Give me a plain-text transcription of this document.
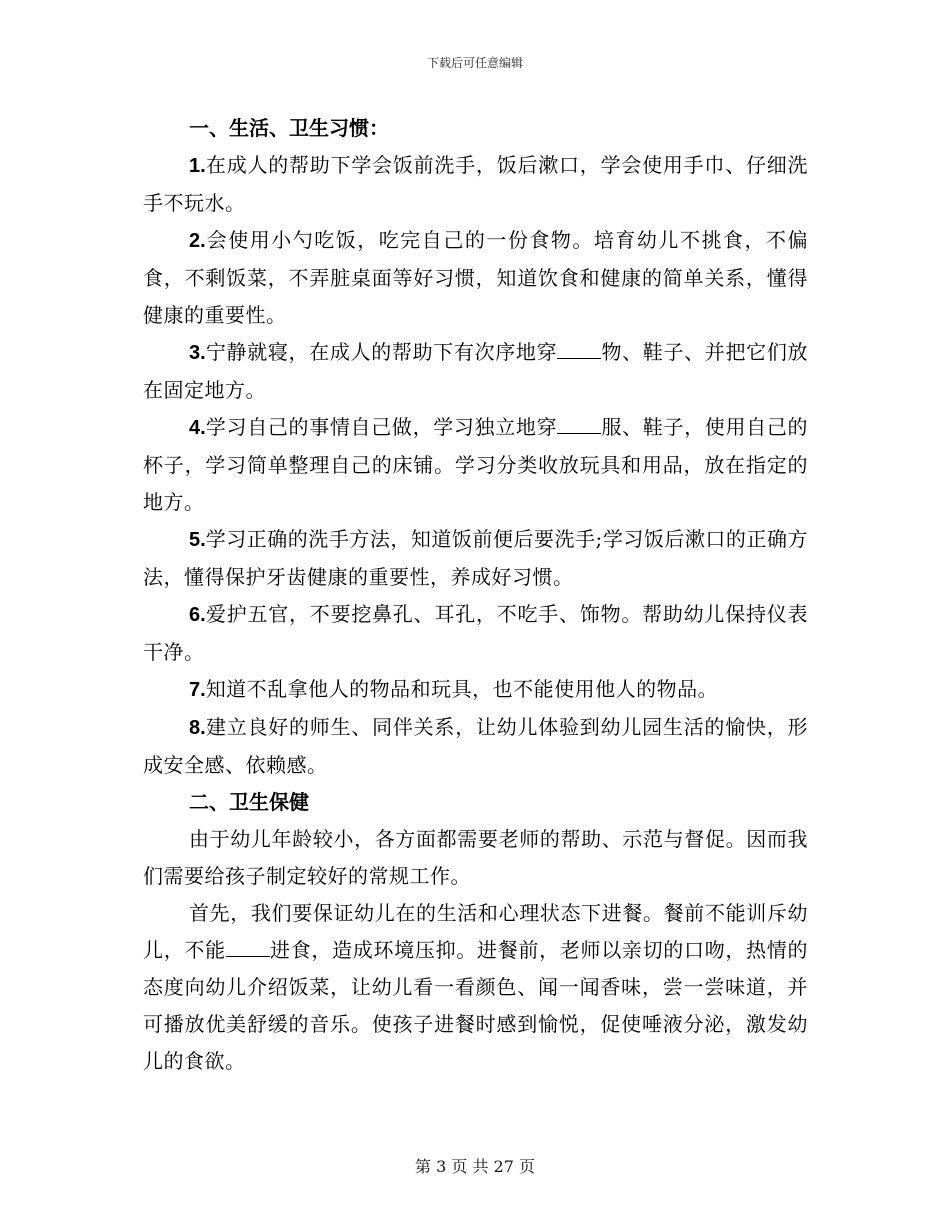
下载后可任意编辑

一、生活、卫生习惯：

1.在成人的帮助下学会饭前洗手，饭后漱口，学会使用手巾、仔细洗手不玩水。

2.会使用小勺吃饭，吃完自己的一份食物。培育幼儿不挑食，不偏食，不剩饭菜，不弄脏桌面等好习惯，知道饮食和健康的简单关系，懂得健康的重要性。

3.宁静就寝，在成人的帮助下有次序地穿 物、鞋子、并把它们放在固定地方。

4.学习自己的事情自己做，学习独立地穿 服、鞋子，使用自己的杯子，学习简单整理自己的床铺。学习分类收放玩具和用品，放在指定的地方。

5.学习正确的洗手方法，知道饭前便后要洗手;学习饭后漱口的正确方法，懂得保护牙齿健康的重要性，养成好习惯。

6.爱护五官，不要挖鼻孔、耳孔，不吃手、饰物。帮助幼儿保持仪表干净。

7.知道不乱拿他人的物品和玩具，也不能使用他人的物品。

8.建立良好的师生、同伴关系，让幼儿体验到幼儿园生活的愉快，形成安全感、依赖感。

二、卫生保健

由于幼儿年龄较小，各方面都需要老师的帮助、示范与督促。因而我们需要给孩子制定较好的常规工作。

首先，我们要保证幼儿在的生活和心理状态下进餐。餐前不能训斥幼儿，不能 进食，造成环境压抑。进餐前，老师以亲切的口吻，热情的态度向幼儿介绍饭菜，让幼儿看一看颜色、闻一闻香味，尝一尝味道，并可播放优美舒缓的音乐。使孩子进餐时感到愉悦，促使唾液分泌，激发幼儿的食欲。

第 3 页 共 27 页
